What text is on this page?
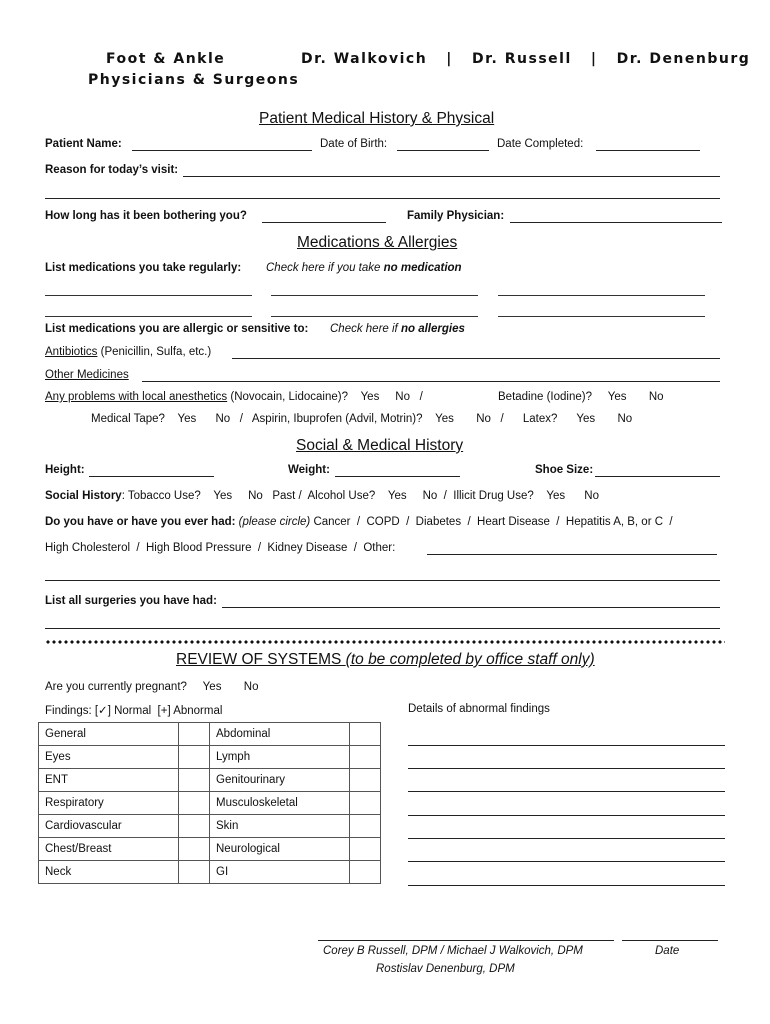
Foot & Ankle
Physicians & Surgeons
Dr. Walkovich   |   Dr. Russell   |   Dr. Denenburg
Patient Medical History & Physical
Patient Name:	Date of Birth:	Date Completed:
Reason for today’s visit:
How long has it been bothering you?	Family Physician:
Medications & Allergies
List medications you take regularly: Check here if you take no medication
List medications you are allergic or sensitive to: Check here if no allergies
Antibiotics (Penicillin, Sulfa, etc.)
Other Medicines
Any problems with local anesthetics (Novocain, Lidocaine)?    Yes     No   /	Betadine (Iodine)?     Yes       No
Medical Tape?    Yes      No   /   Aspirin, Ibuprofen (Advil, Motrin)?    Yes       No   /      Latex?      Yes       No
Social & Medical History
Height:	Weight:	Shoe Size:
Social History: Tobacco Use?    Yes     No   Past /  Alcohol Use?    Yes     No  /  Illicit Drug Use?    Yes      No
Do you have or have you ever had: (please circle) Cancer  /  COPD  /  Diabetes  /  Heart Disease  /  Hepatitis A, B, or C  /
High Cholesterol  /  High Blood Pressure  /  Kidney Disease  /  Other:
List all surgeries you have had:
REVIEW OF SYSTEMS (to be completed by office staff only)
Are you currently pregnant?     Yes       No
Findings: [✓] Normal  [+] Abnormal	Details of abnormal findings
General		Abdominal	
Eyes		Lymph	
ENT		Genitourinary	
Respiratory		Musculoskeletal	
Cardiovascular		Skin	
Chest/Breast		Neurological	
Neck		GI	
Corey B Russell, DPM / Michael J Walkovich, DPM	Date
Rostislav Denenburg, DPM
